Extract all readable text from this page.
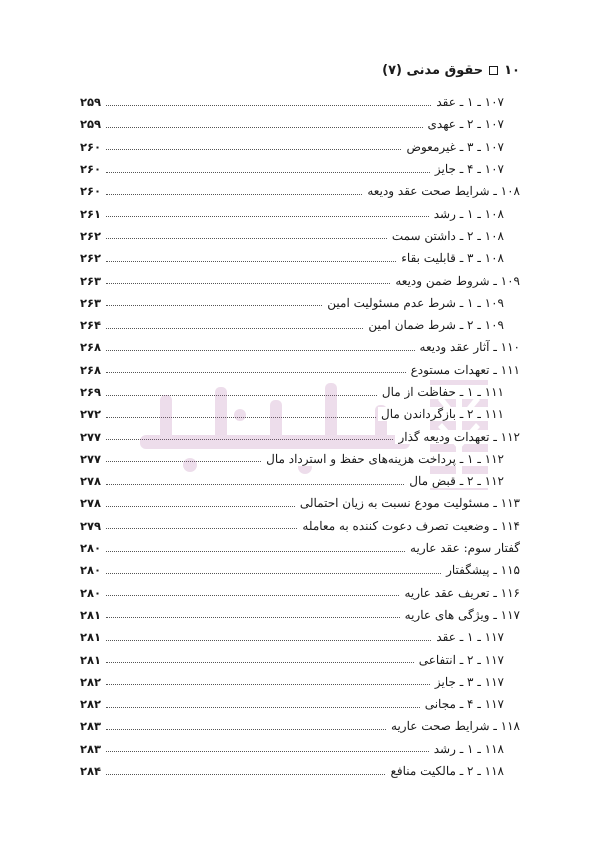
۱۰
حقوق مدنی (۷)
۱۰۷ ـ ۱ ـ عقد
۲۵۹
۱۰۷ ـ ۲ ـ عهدی
۲۵۹
۱۰۷ ـ ۳ ـ غیرمعوض
۲۶۰
۱۰۷ ـ ۴ ـ جایز
۲۶۰
۱۰۸ ـ شرایط صحت عقد ودیعه
۲۶۰
۱۰۸ ـ ۱ ـ رشد
۲۶۱
۱۰۸ ـ ۲ ـ داشتن سمت
۲۶۲
۱۰۸ ـ ۳ ـ قابلیت بقاء
۲۶۲
۱۰۹ ـ شروط ضمن ودیعه
۲۶۳
۱۰۹ ـ ۱ ـ شرط عدم مسئولیت امین
۲۶۳
۱۰۹ ـ ۲ ـ شرط ضمان امین
۲۶۴
۱۱۰ ـ آثار عقد ودیعه
۲۶۸
۱۱۱ ـ تعهدات مستودع
۲۶۸
۱۱۱ ـ ۱ ـ حفاظت از مال
۲۶۹
۱۱۱ ـ ۲ ـ بازگرداندن مال
۲۷۲
۱۱۲ ـ تعهدات ودیعه گذار
۲۷۷
۱۱۲ ـ ۱ ـ پرداخت هزینه‌های حفظ و استرداد مال
۲۷۷
۱۱۲ ـ ۲ ـ قبض مال
۲۷۸
۱۱۳ ـ مسئولیت مودع نسبت به زیان احتمالی
۲۷۸
۱۱۴ ـ وضعیت تصرف دعوت کننده به معامله
۲۷۹
گفتار سوم: عقد عاریه
۲۸۰
۱۱۵ ـ پیشگفتار
۲۸۰
۱۱۶ ـ تعریف عقد عاریه
۲۸۰
۱۱۷ ـ ویژگی های عاریه
۲۸۱
۱۱۷ ـ ۱ ـ عقد
۲۸۱
۱۱۷ ـ ۲ ـ انتفاعی
۲۸۱
۱۱۷ ـ ۳ ـ جایز
۲۸۲
۱۱۷ ـ ۴ ـ مجانی
۲۸۲
۱۱۸ ـ شرایط صحت عاریه
۲۸۳
۱۱۸ ـ ۱ ـ رشد
۲۸۳
۱۱۸ ـ ۲ ـ مالکیت منافع
۲۸۴
